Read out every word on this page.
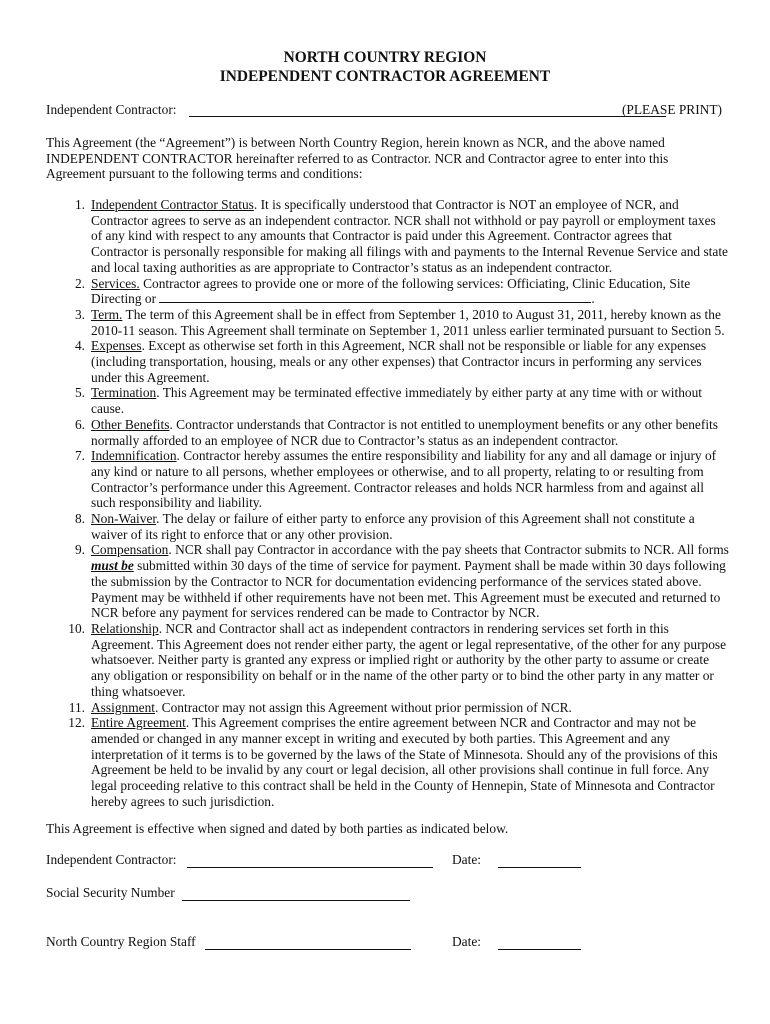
NORTH COUNTRY REGION
INDEPENDENT CONTRACTOR AGREEMENT
Independent Contractor:	(PLEASE PRINT)

This Agreement (the “Agreement”) is between North Country Region, herein known as NCR, and the above named INDEPENDENT CONTRACTOR hereinafter referred to as Contractor. NCR and Contractor agree to enter into this Agreement pursuant to the following terms and conditions:

1. Independent Contractor Status. It is specifically understood that Contractor is NOT an employee of NCR, and Contractor agrees to serve as an independent contractor. NCR shall not withhold or pay payroll or employment taxes of any kind with respect to any amounts that Contractor is paid under this Agreement. Contractor agrees that Contractor is personally responsible for making all filings with and payments to the Internal Revenue Service and state and local taxing authorities as are appropriate to Contractor’s status as an independent contractor.
2. Services. Contractor agrees to provide one or more of the following services: Officiating, Clinic Education, Site Directing or	.
3. Term. The term of this Agreement shall be in effect from September 1, 2010 to August 31, 2011, hereby known as the 2010-11 season. This Agreement shall terminate on September 1, 2011 unless earlier terminated pursuant to Section 5.
4. Expenses. Except as otherwise set forth in this Agreement, NCR shall not be responsible or liable for any expenses (including transportation, housing, meals or any other expenses) that Contractor incurs in performing any services under this Agreement.
5. Termination. This Agreement may be terminated effective immediately by either party at any time with or without cause.
6. Other Benefits. Contractor understands that Contractor is not entitled to unemployment benefits or any other benefits normally afforded to an employee of NCR due to Contractor’s status as an independent contractor.
7. Indemnification. Contractor hereby assumes the entire responsibility and liability for any and all damage or injury of any kind or nature to all persons, whether employees or otherwise, and to all property, relating to or resulting from Contractor’s performance under this Agreement. Contractor releases and holds NCR harmless from and against all such responsibility and liability.
8. Non-Waiver. The delay or failure of either party to enforce any provision of this Agreement shall not constitute a waiver of its right to enforce that or any other provision.
9. Compensation. NCR shall pay Contractor in accordance with the pay sheets that Contractor submits to NCR. All forms must be submitted within 30 days of the time of service for payment. Payment shall be made within 30 days following the submission by the Contractor to NCR for documentation evidencing performance of the services stated above. Payment may be withheld if other requirements have not been met. This Agreement must be executed and returned to NCR before any payment for services rendered can be made to Contractor by NCR.
10. Relationship. NCR and Contractor shall act as independent contractors in rendering services set forth in this Agreement. This Agreement does not render either party, the agent or legal representative, of the other for any purpose whatsoever. Neither party is granted any express or implied right or authority by the other party to assume or create any obligation or responsibility on behalf or in the name of the other party or to bind the other party in any matter or thing whatsoever.
11. Assignment. Contractor may not assign this Agreement without prior permission of NCR.
12. Entire Agreement. This Agreement comprises the entire agreement between NCR and Contractor and may not be amended or changed in any manner except in writing and executed by both parties. This Agreement and any interpretation of it terms is to be governed by the laws of the State of Minnesota. Should any of the provisions of this Agreement be held to be invalid by any court or legal decision, all other provisions shall continue in full force. Any legal proceeding relative to this contract shall be held in the County of Hennepin, State of Minnesota and Contractor hereby agrees to such jurisdiction.
This Agreement is effective when signed and dated by both parties as indicated below.
Independent Contractor:	Date:
Social Security Number
North Country Region Staff	Date:
